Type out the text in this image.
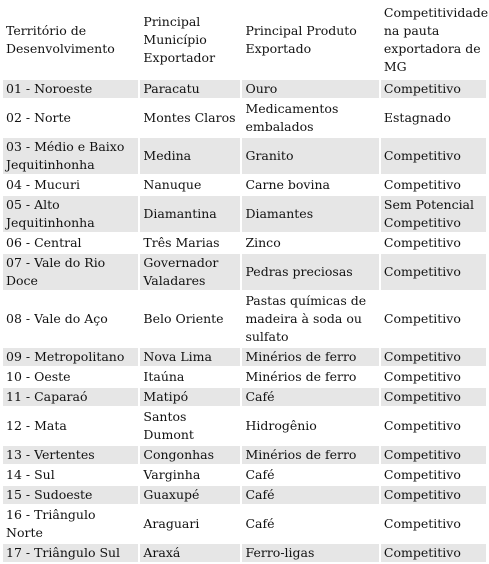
Território de
Desenvolvimento	Principal
Município
Exportador	Principal Produto
Exportado	Competitividade
na pauta
exportadora de
MG

01 - Noroeste	Paracatu	Ouro	Competitivo

02 - Norte	Montes Claros	Medicamentos
embalados	Estagnado

03 - Médio e Baixo
Jequitinhonha	Medina	Granito	Competitivo

04 - Mucuri	Nanuque	Carne bovina	Competitivo

05 - Alto
Jequitinhonha	Diamantina	Diamantes	Sem Potencial
Competitivo

06 - Central	Três Marias	Zinco	Competitivo

07 - Vale do Rio Doce	Governador
Valadares	Pedras preciosas	Competitivo

08 - Vale do Aço	Belo Oriente	Pastas químicas de
madeira à soda ou
sulfato	Competitivo

09 - Metropolitano	Nova Lima	Minérios de ferro	Competitivo

10 - Oeste	Itaúna	Minérios de ferro	Competitivo

11 - Caparaó	Matipó	Café	Competitivo

12 - Mata	Santos Dumont	Hidrogênio	Competitivo

13 - Vertentes	Congonhas	Minérios de ferro	Competitivo

14 - Sul	Varginha	Café	Competitivo

15 - Sudoeste	Guaxupé	Café	Competitivo

16 - Triângulo Norte	Araguari	Café	Competitivo

17 - Triângulo Sul	Araxá	Ferro-ligas	Competitivo
